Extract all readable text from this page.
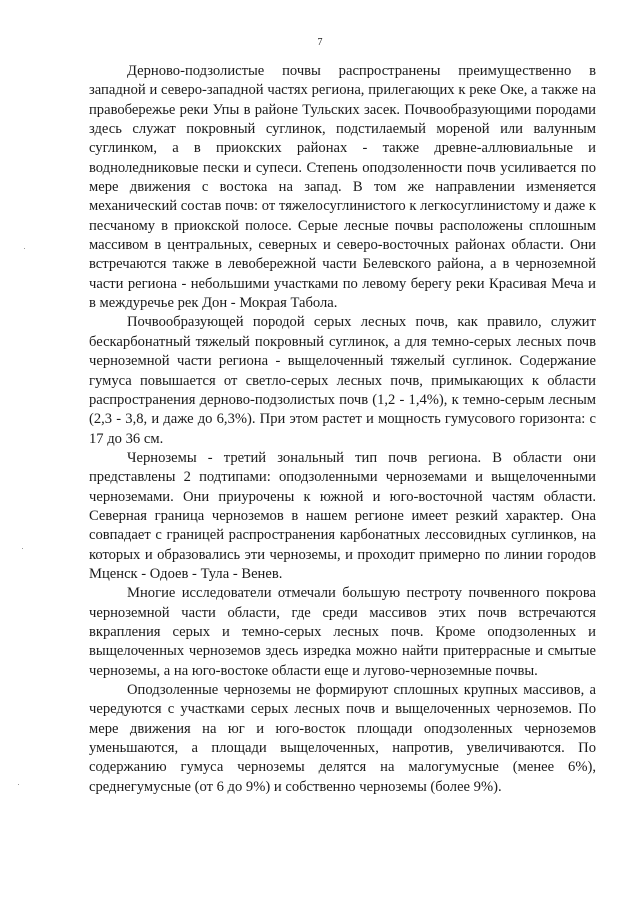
7

Дерново-подзолистые почвы распространены преимущественно в западной и северо-западной частях региона, прилегающих к реке Оке, а также на правобережье реки Упы в районе Тульских засек. Почвообразующими породами здесь служат покровный суглинок, подстилаемый мореной или валунным суглинком, а в приокских районах - также древне-аллювиальные и водноледниковые пески и супеси. Степень оподзоленности почв усиливается по мере движения с востока на запад. В том же направлении изменяется механический состав почв: от тяжелосуглинистого к легкосуглинистому и даже к песчаному в приокской полосе. Серые лесные почвы расположены сплошным массивом в центральных, северных и северо-восточных районах области. Они встречаются также в левобережной части Белевского района, а в черноземной части региона - небольшими участками по левому берегу реки Красивая Меча и в междуречье рек Дон - Мокрая Табола.

Почвообразующей породой серых лесных почв, как правило, служит бескарбонатный тяжелый покровный суглинок, а для темно-серых лесных почв черноземной части региона - выщелоченный тяжелый суглинок. Содержание гумуса повышается от светло-серых лесных почв, примыкающих к области распространения дерново-подзолистых почв (1,2 - 1,4%), к темно-серым лесным (2,3 - 3,8, и даже до 6,3%). При этом растет и мощность гумусового горизонта: с 17 до 36 см.

Черноземы - третий зональный тип почв региона. В области они представлены 2 подтипами: оподзоленными черноземами и выщелоченными черноземами. Они приурочены к южной и юго-восточной частям области. Северная граница черноземов в нашем регионе имеет резкий характер. Она совпадает с границей распространения карбонатных лессовидных суглинков, на которых и образовались эти черноземы, и проходит примерно по линии городов Мценск - Одоев - Тула - Венев.

Многие исследователи отмечали большую пестроту почвенного покрова черноземной части области, где среди массивов этих почв встречаются вкрапления серых и темно-серых лесных почв. Кроме оподзоленных и выщелоченных черноземов здесь изредка можно найти притеррасные и смытые черноземы, а на юго-востоке области еще и лугово-черноземные почвы.

Оподзоленные черноземы не формируют сплошных крупных массивов, а чередуются с участками серых лесных почв и выщелоченных черноземов. По мере движения на юг и юго-восток площади оподзоленных черноземов уменьшаются, а площади выщелоченных, напротив, увеличиваются. По содержанию гумуса черноземы делятся на малогумусные (менее 6%), среднегумусные (от 6 до 9%) и собственно черноземы (более 9%).
